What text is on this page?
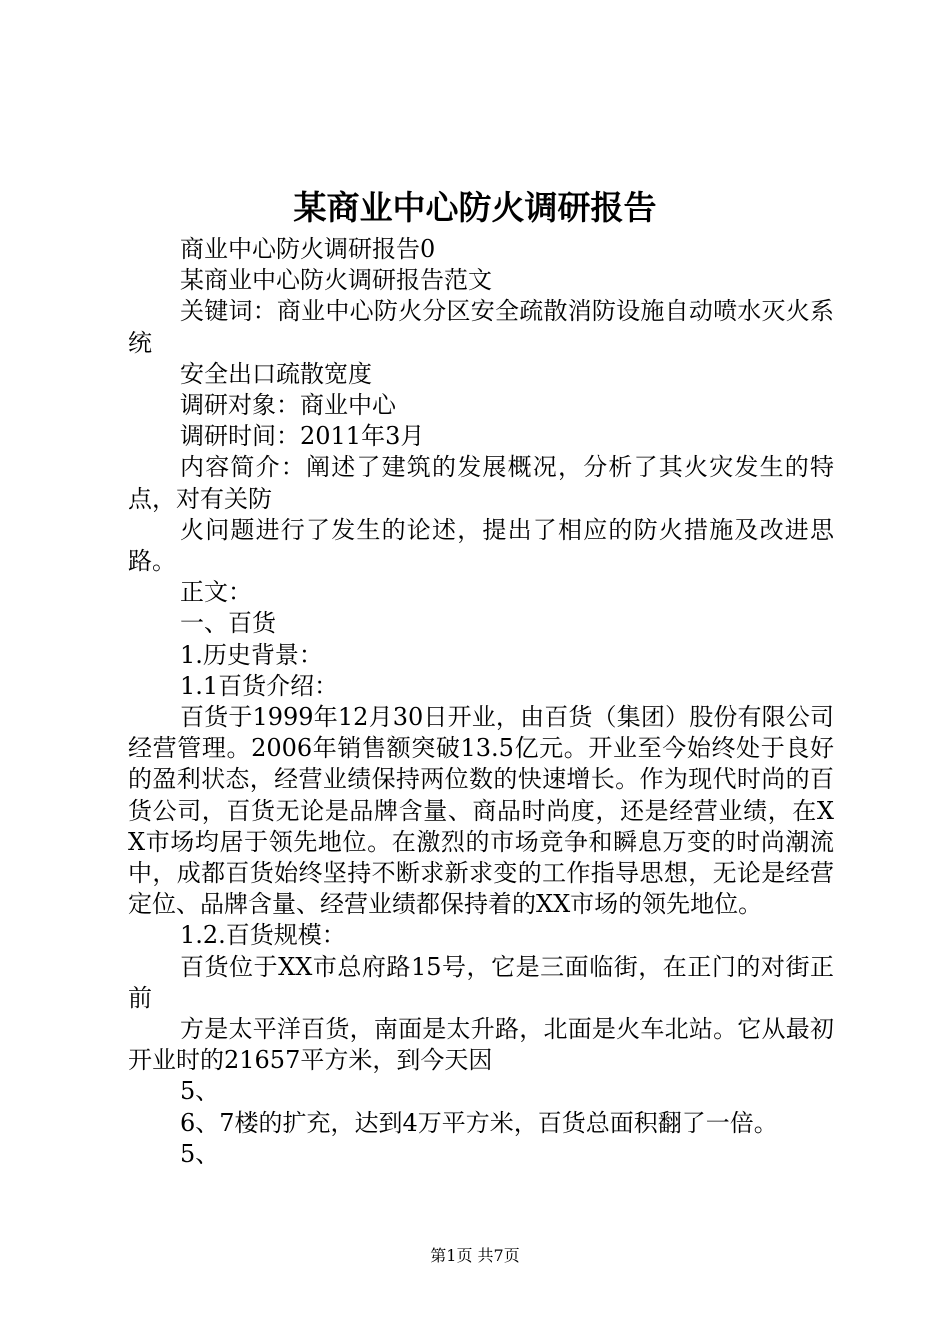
某商业中心防火调研报告

商业中心防火调研报告0

某商业中心防火调研报告范文

关键词：商业中心防火分区安全疏散消防设施自动喷水灭火系统

安全出口疏散宽度

调研对象：商业中心

调研时间：2011年3月

内容简介：阐述了建筑的发展概况，分析了其火灾发生的特点，对有关防

火问题进行了发生的论述，提出了相应的防火措施及改进思路。

正文：

一、百货

1.历史背景：

1.1百货介绍：

百货于1999年12月30日开业，由百货（集团）股份有限公司经营管理。2006年销售额突破13.5亿元。开业至今始终处于良好的盈利状态，经营业绩保持两位数的快速增长。作为现代时尚的百货公司，百货无论是品牌含量、商品时尚度，还是经营业绩，在XX市场均居于领先地位。在激烈的市场竞争和瞬息万变的时尚潮流中，成都百货始终坚持不断求新求变的工作指导思想，无论是经营定位、品牌含量、经营业绩都保持着的XX市场的领先地位。

1.2.百货规模：

百货位于XX市总府路15号，它是三面临街，在正门的对街正前

方是太平洋百货，南面是太升路，北面是火车北站。它从最初开业时的21657平方米，到今天因

5、

6、7楼的扩充，达到4万平方米，百货总面积翻了一倍。

5、

第1页 共7页
